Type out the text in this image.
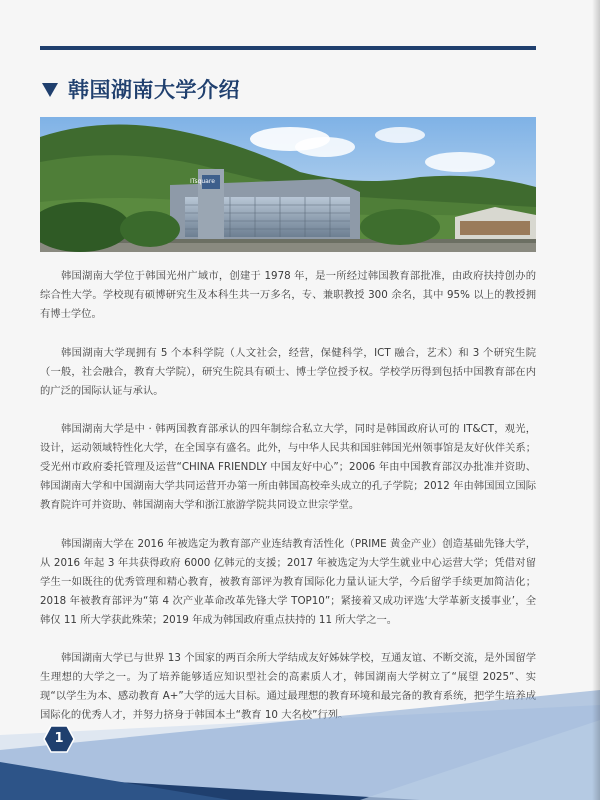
韩国湖南大学介绍
ITsquare

韩国湖南大学位于韩国光州广域市，创建于 1978 年，是一所经过韩国教育部批准，由政府扶持创办的综合性大学。学校现有硕博研究生及本科生共一万多名，专、兼职教授 300 余名，其中 95% 以上的教授拥有博士学位。

韩国湖南大学现拥有 5 个本科学院（人文社会，经营，保健科学，ICT 融合，艺术）和 3 个研究生院（一般，社会融合，教育大学院），研究生院具有硕士、博士学位授予权。学校学历得到包括中国教育部在内的广泛的国际认证与承认。

韩国湖南大学是中 · 韩两国教育部承认的四年制综合私立大学，同时是韩国政府认可的 IT&CT，观光，设计，运动领域特性化大学，在全国享有盛名。此外，与中华人民共和国驻韩国光州领事馆是友好伙伴关系；受光州市政府委托管理及运营“CHINA FRIENDLY 中国友好中心”；2006 年由中国教育部汉办批准并资助、韩国湖南大学和中国湖南大学共同运营开办第一所由韩国高校牵头成立的孔子学院；2012 年由韩国国立国际教育院许可并资助、韩国湖南大学和浙江旅游学院共同设立世宗学堂。

韩国湖南大学在 2016 年被选定为教育部产业连结教育活性化（PRIME 黄金产业）创造基础先锋大学，从 2016 年起 3 年共获得政府 6000 亿韩元的支援；2017 年被选定为大学生就业中心运营大学；凭借对留学生一如既往的优秀管理和精心教育，被教育部评为教育国际化力量认证大学，今后留学手续更加简洁化；2018 年被教育部评为“第 4 次产业革命改革先锋大学 TOP10”；紧接着又成功评选‘大学革新支援事业’，全韩仅 11 所大学获此殊荣；2019 年成为韩国政府重点扶持的 11 所大学之一。

韩国湖南大学已与世界 13 个国家的两百余所大学结成友好姊妹学校，互通友谊、不断交流，是外国留学生理想的大学之一。为了培养能够适应知识型社会的高素质人才，韩国湖南大学树立了“展望 2025”、实现“以学生为本、感动教育 A+”大学的远大目标。通过最理想的教育环境和最完备的教育系统，把学生培养成国际化的优秀人才，并努力挤身于韩国本土“教育 10 大名校”行列。

1
